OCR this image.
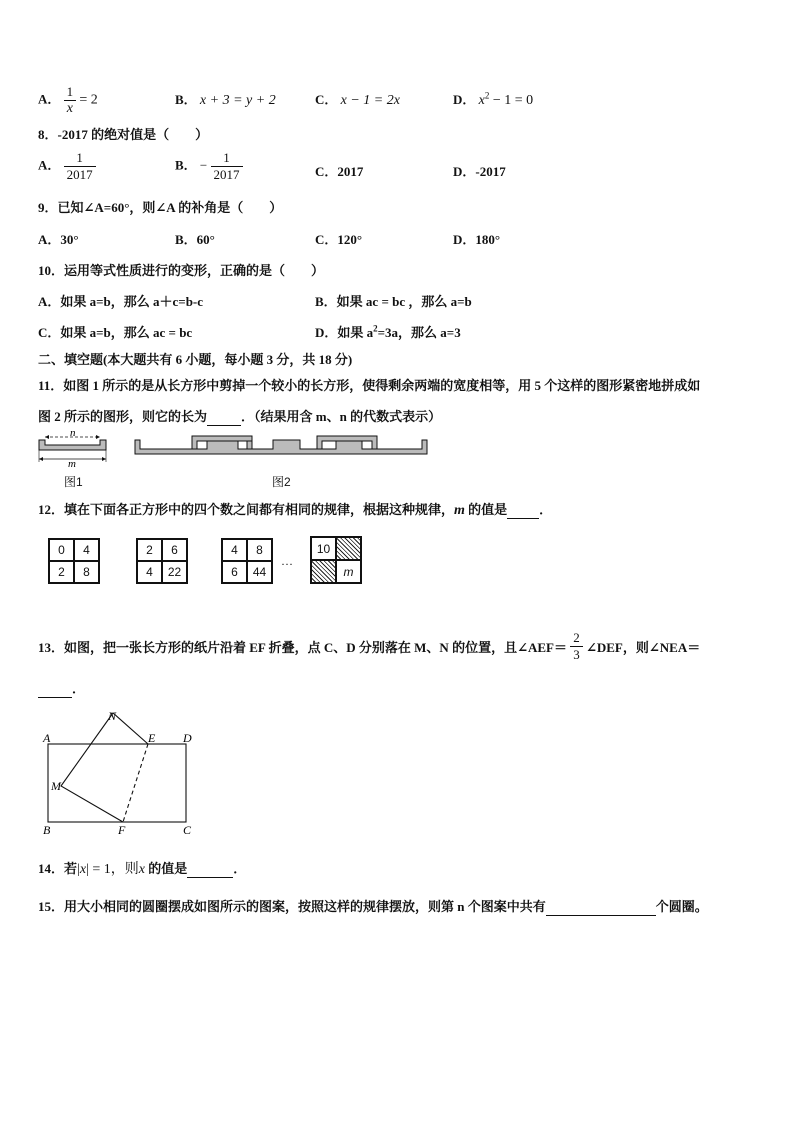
A． $\frac{1}{x} = 2$	B． x + 3 = y + 2	C． x − 1 = 2x	D． $x^2 - 1 = 0$
8．-2017 的绝对值是（　　）
A． $\frac{1}{2017}$	B． − $\frac{1}{2017}$	C．2017	D．-2017
9．已知∠A=60°，则∠A 的补角是（　　）
A．30°	B．60°	C．120°	D．180°
10．运用等式性质进行的变形，正确的是（　　）
A．如果 a=b，那么 a＋c=b-c	B．如果 ac = bc ，那么 a=b
C．如果 a=b，那么 ac = bc	D．如果 $a^2=3a$，那么 a=3
二、填空题(本大题共有 6 小题，每小题 3 分，共 18 分)
11．如图 1 所示的是从长方形中剪掉一个较小的长方形，使得剩余两端的宽度相等，用 5 个这样的图形紧密地拼成如
图 2 所示的图形，则它的长为	．（结果用含 m、n 的代数式表示）
n
m
图1	图2
12．填在下面各正方形中的四个数之间都有相同的规律，根据这种规律，m 的值是 ．
0	4
2	8
2	6
4	22
4	8
6	44
···
10
m
13．如图，把一张长方形的纸片沿着 EF 折叠，点 C、D 分别落在 M、N 的位置，且∠AEF＝ $\frac{2}{3}$ ∠DEF，则∠NEA＝
．
A
B	C
D
E
F
M
N
14．若|x| = 1，则x 的值是	．
15．用大小相同的圆圈摆成如图所示的图案，按照这样的规律摆放，则第 n 个图案中共有	个圆圈。
